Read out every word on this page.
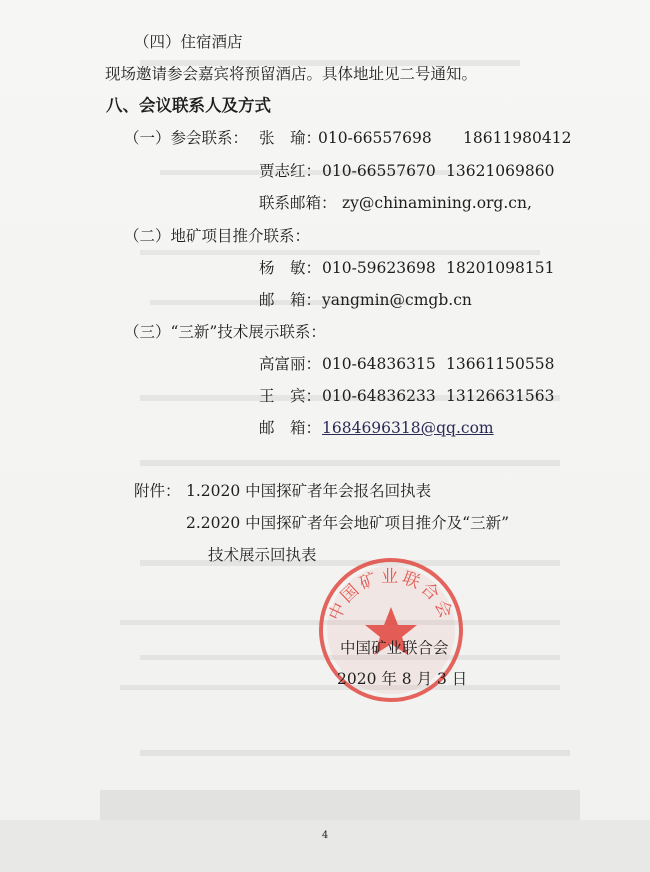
（四）住宿酒店
现场邀请参会嘉宾将预留酒店。具体地址见二号通知。
八、会议联系人及方式
（一）参会联系： 张　瑜：
010-66557698 18611980412
贾志红： 010-66557670 13621069860
联系邮箱： zy@chinamining.org.cn,
（二）地矿项目推介联系：
杨　敏： 010-59623698 18201098151
邮　箱： yangmin@cmgb.cn
（三）“三新”技术展示联系：
高富丽： 010-64836315 13661150558
王　宾： 010-64836233 13126631563
邮　箱： 1684696318@qq.com
附件： 1.2020 中国探矿者年会报名回执表
2.2020 中国探矿者年会地矿项目推介及“三新”
技术展示回执表
中国矿业联合会
中国矿业联合会
2020 年 8 月 3 日
4
